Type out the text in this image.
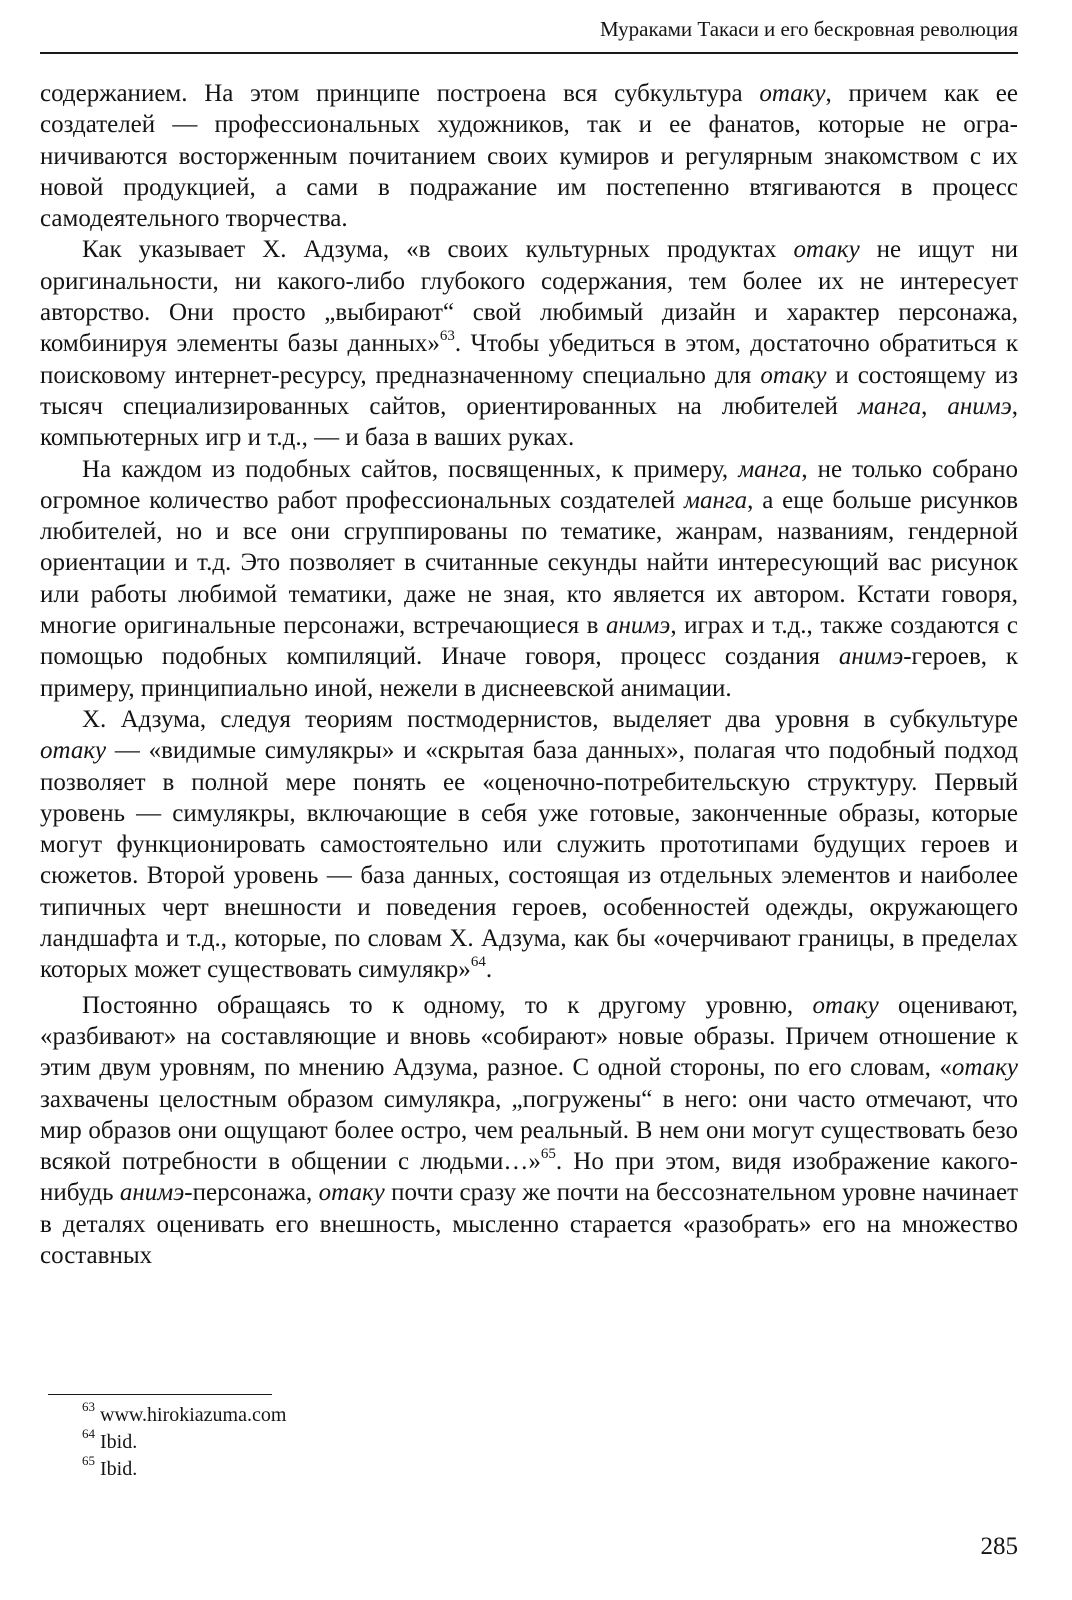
Мураками Такаси и его бескровная революция

содержанием. На этом принципе построена вся субкультура отаку, причем как ее создателей — профессиональных художников, так и ее фанатов, которые не ограничиваются восторженным почитанием своих кумиров и регулярным знакомством с их новой продукцией, а сами в подражание им постепенно втягиваются в процесс самодеятельного творчества.

Как указывает Х. Адзума, «в своих культурных продуктах отаку не ищут ни оригинальности, ни какого-либо глубокого содержания, тем более их не интересует авторство. Они просто „выбирают“ свой любимый дизайн и характер персонажа, комбинируя элементы базы данных»$^{63}$. Чтобы убедиться в этом, достаточно обратиться к поисковому интернет-ресурсу, предназначенному специально для отаку и состоящему из тысяч специализированных сайтов, ориентированных на любителей манга, анимэ, компьютерных игр и т.д., — и база в ваших руках.

На каждом из подобных сайтов, посвященных, к примеру, манга, не только собрано огромное количество работ профессиональных создателей манга, а еще больше рисунков любителей, но и все они сгруппированы по тематике, жанрам, названиям, гендерной ориентации и т.д. Это позволяет в считанные секунды найти интересующий вас рисунок или работы любимой тематики, даже не зная, кто является их автором. Кстати говоря, многие оригинальные персонажи, встречающиеся в анимэ, играх и т.д., также создаются с помощью подобных компиляций. Иначе говоря, процесс создания анимэ-героев, к примеру, принципиально иной, нежели в диснеевской анимации.

Х. Адзума, следуя теориям постмодернистов, выделяет два уровня в субкультуре отаку — «видимые симулякры» и «скрытая база данных», полагая что подобный подход позволяет в полной мере понять ее «оценочно-потребительскую структуру. Первый уровень — симулякры, включающие в себя уже готовые, законченные образы, которые могут функционировать самостоятельно или служить прототипами будущих героев и сюжетов. Второй уровень — база данных, состоящая из отдельных элементов и наиболее типичных черт внешности и поведения героев, особенностей одежды, окружающего ландшафта и т.д., которые, по словам Х. Адзума, как бы «очерчивают границы, в пределах которых может существовать симулякр»$^{64}$.

Постоянно обращаясь то к одному, то к другому уровню, отаку оценивают, «разбивают» на составляющие и вновь «собирают» новые образы. Причем отношение к этим двум уровням, по мнению Адзума, разное. С одной стороны, по его словам, «отаку захвачены целостным образом симулякра, „погружены“ в него: они часто отмечают, что мир образов они ощущают более остро, чем реальный. В нем они могут существовать безо всякой потребности в общении с людьми…»$^{65}$. Но при этом, видя изображение какого-нибудь анимэ-персонажа, отаку почти сразу же почти на бессознательном уровне начинает в деталях оценивать его внешность, мысленно старается «разобрать» его на множество составных

$^{63}$ www.hirokiazuma.com
$^{64}$ Ibid.
$^{65}$ Ibid.
285
